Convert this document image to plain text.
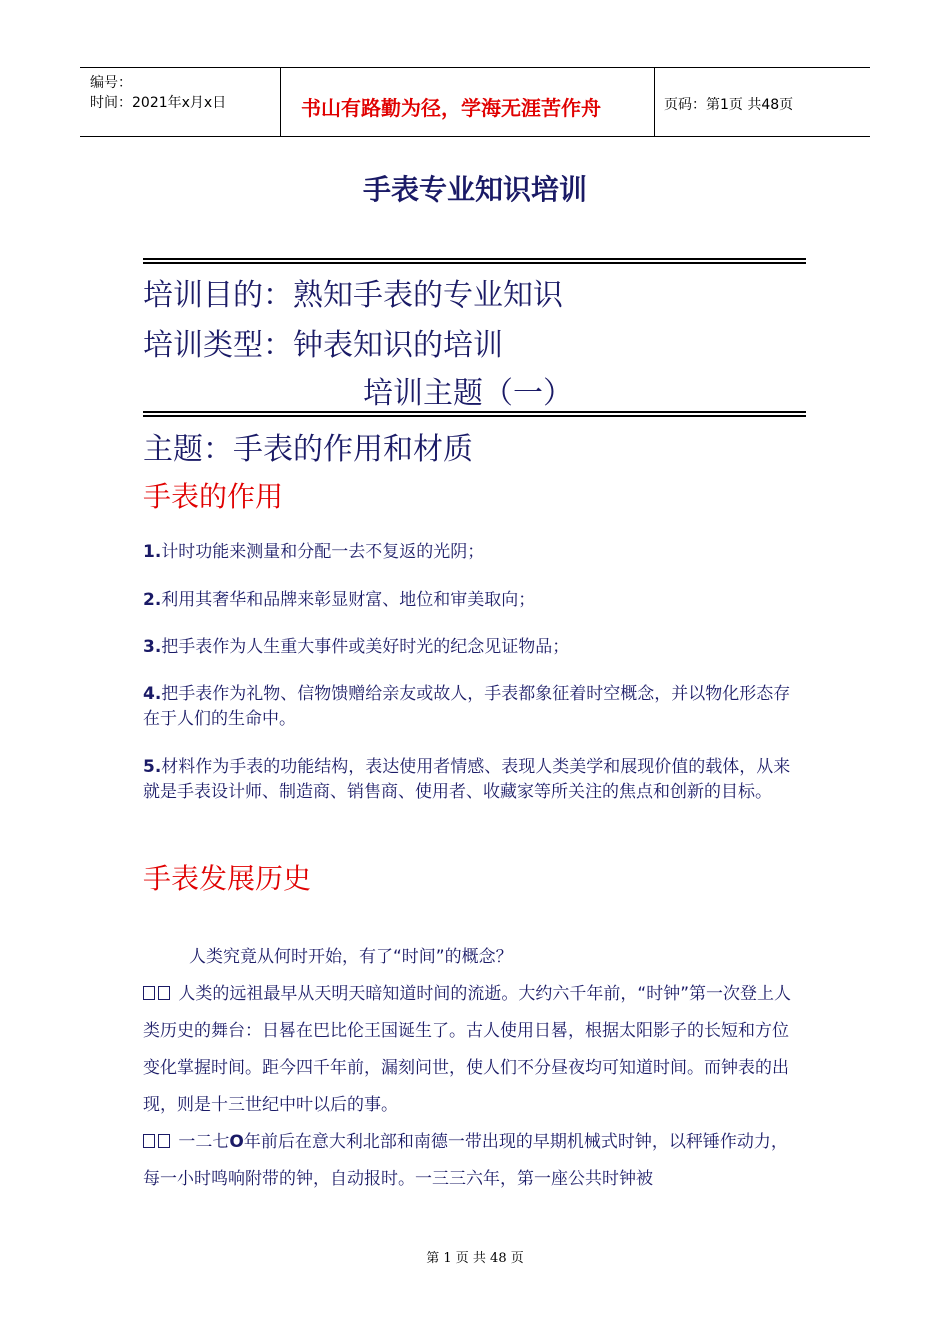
编号：
时间：2021年x月x日	书山有路勤为径，学海无涯苦作舟	页码：第1页 共48页
手表专业知识培训
培训目的：熟知手表的专业知识
培训类型：钟表知识的培训
培训主题（一）
主题：手表的作用和材质
手表的作用
1.计时功能来测量和分配一去不复返的光阴；
2.利用其奢华和品牌来彰显财富、地位和审美取向；
3.把手表作为人生重大事件或美好时光的纪念见证物品；
4.把手表作为礼物、信物馈赠给亲友或故人，手表都象征着时空概念，并以物化形态存在于人们的生命中。
5.材料作为手表的功能结构，表达使用者情感、表现人类美学和展现价值的载体，从来就是手表设计师、制造商、销售商、使用者、收藏家等所关注的焦点和创新的目标。
手表发展历史
人类究竟从何时开始，有了“时间”的概念？
人类的远祖最早从天明天暗知道时间的流逝。大约六千年前，“时钟”第一次登上人类历史的舞台：日晷在巴比伦王国诞生了。古人使用日晷，根据太阳影子的长短和方位变化掌握时间。距今四千年前，漏刻问世，使人们不分昼夜均可知道时间。而钟表的出现，则是十三世纪中叶以后的事。
一二七O年前后在意大利北部和南德一带出现的早期机械式时钟，以秤锤作动力，每一小时鸣响附带的钟，自动报时。一三三六年，第一座公共时钟被
第 1 页 共 48 页
